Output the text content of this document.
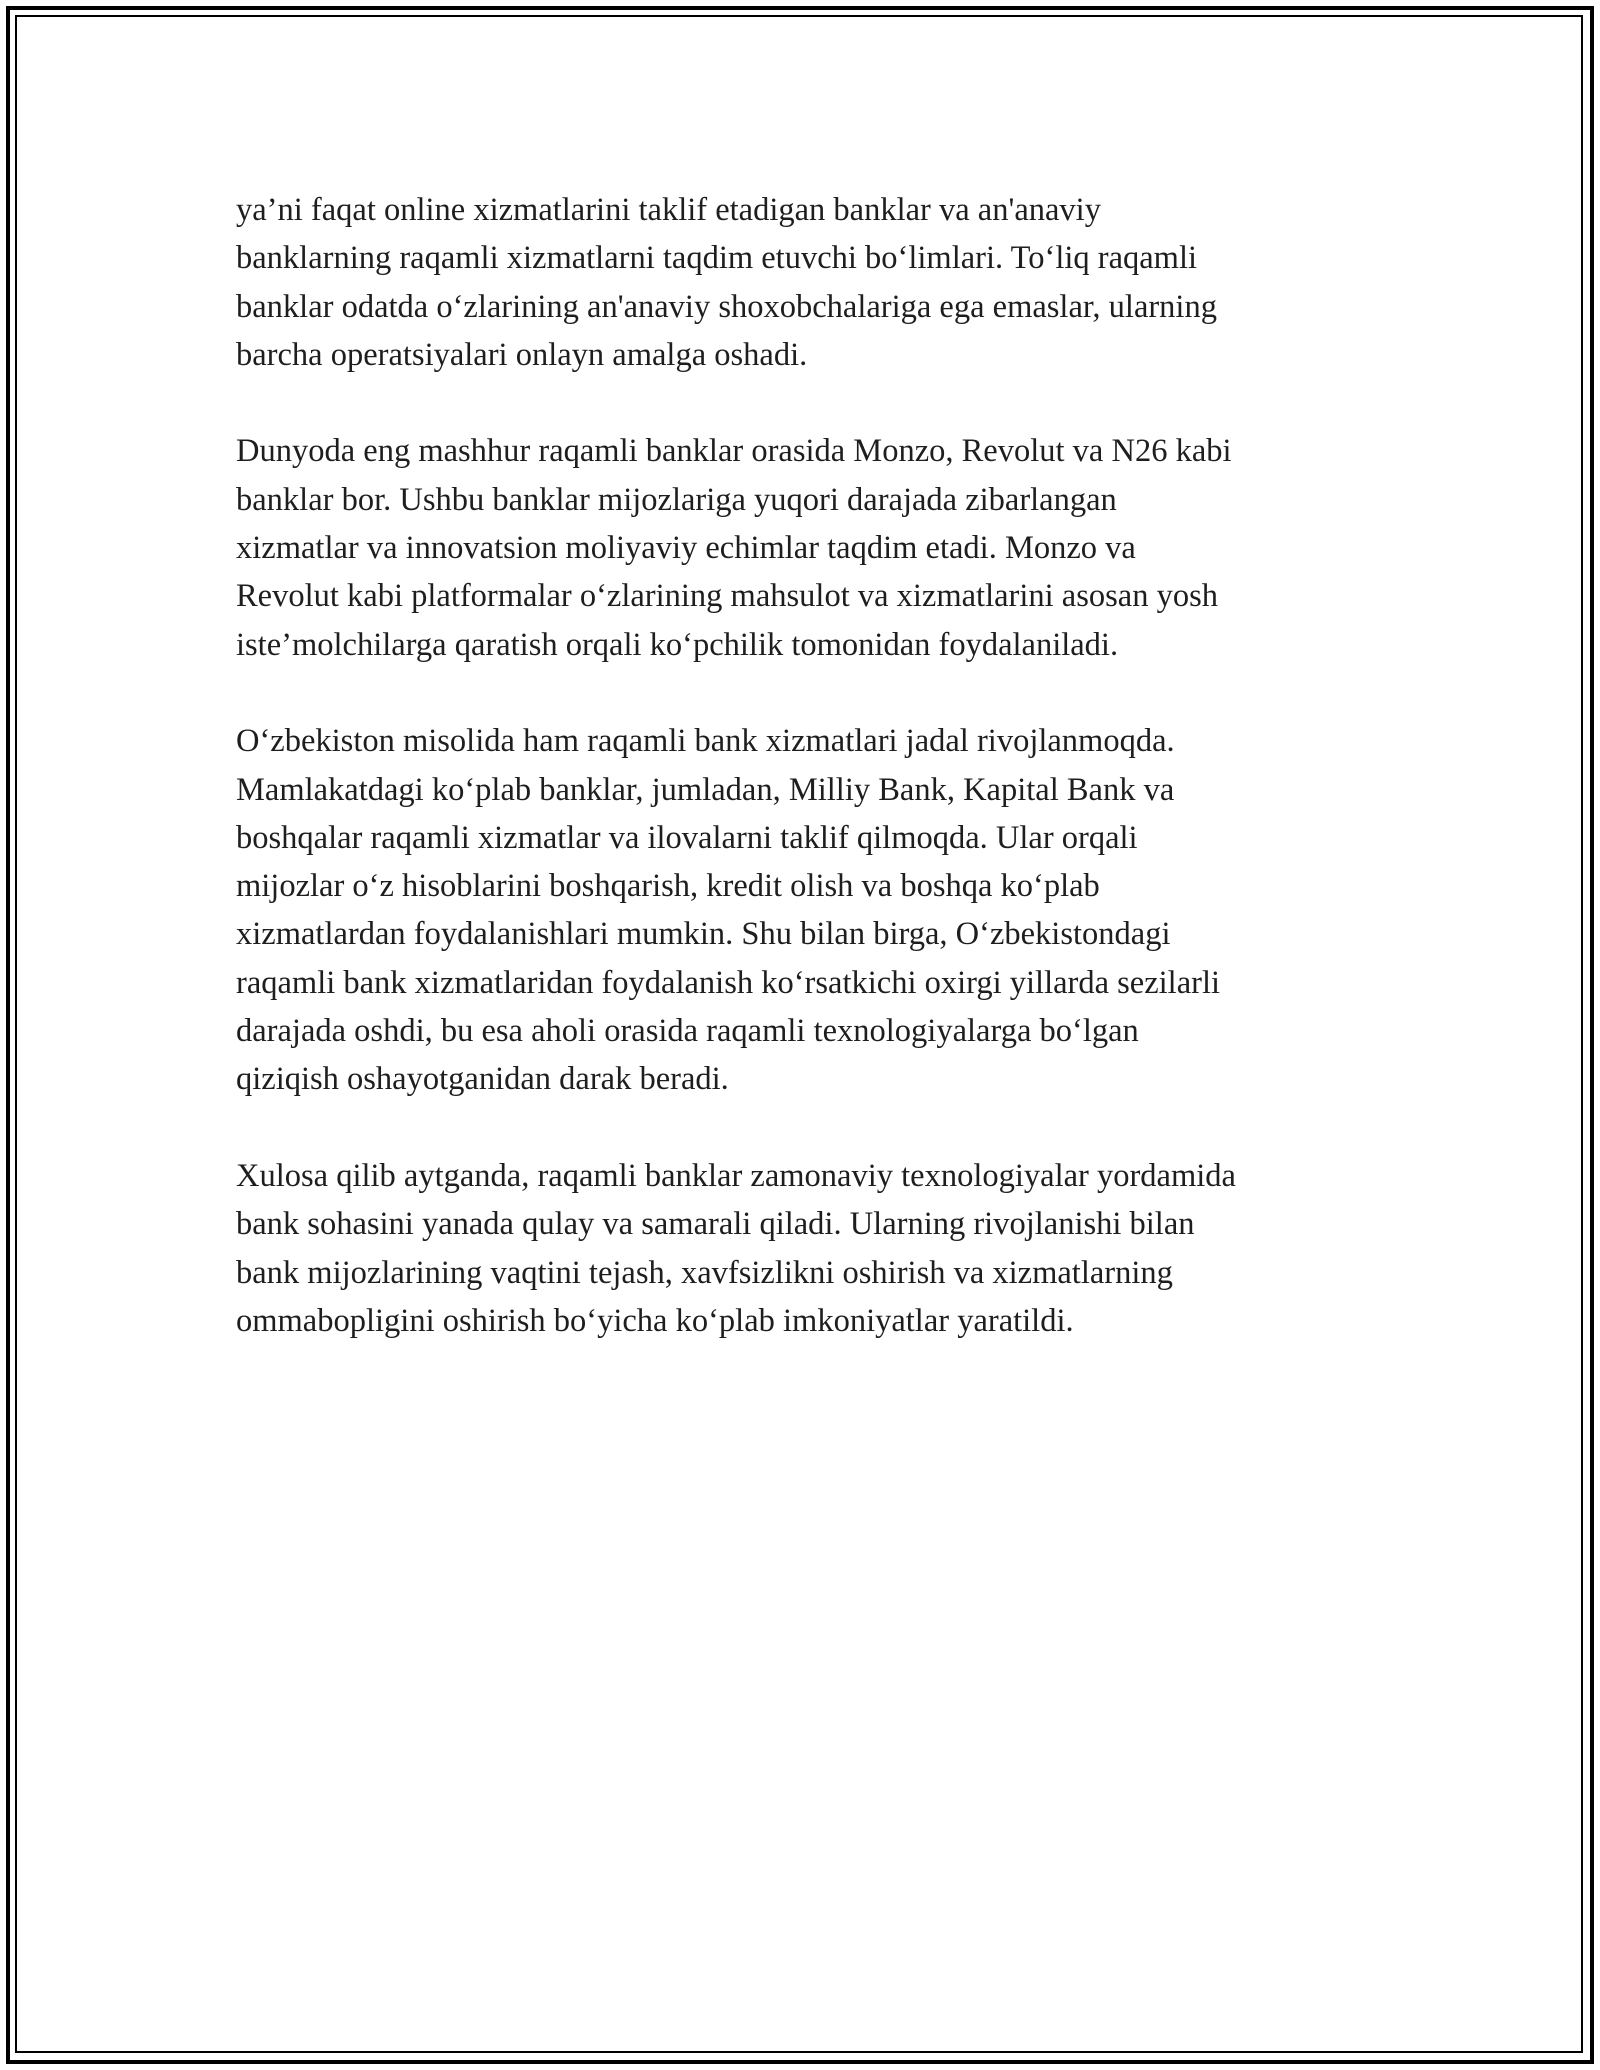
ya’ni faqat online xizmatlarini taklif etadigan banklar va an'anaviy
banklarning raqamli xizmatlarni taqdim etuvchi bo‘limlari. To‘liq raqamli
banklar odatda o‘zlarining an'anaviy shoxobchalariga ega emaslar, ularning
barcha operatsiyalari onlayn amalga oshadi.
Dunyoda eng mashhur raqamli banklar orasida Monzo, Revolut va N26 kabi
banklar bor. Ushbu banklar mijozlariga yuqori darajada zibarlangan
xizmatlar va innovatsion moliyaviy echimlar taqdim etadi. Monzo va
Revolut kabi platformalar o‘zlarining mahsulot va xizmatlarini asosan yosh
iste’molchilarga qaratish orqali ko‘pchilik tomonidan foydalaniladi.
O‘zbekiston misolida ham raqamli bank xizmatlari jadal rivojlanmoqda.
Mamlakatdagi ko‘plab banklar, jumladan, Milliy Bank, Kapital Bank va
boshqalar raqamli xizmatlar va ilovalarni taklif qilmoqda. Ular orqali
mijozlar o‘z hisoblarini boshqarish, kredit olish va boshqa ko‘plab
xizmatlardan foydalanishlari mumkin. Shu bilan birga, O‘zbekistondagi
raqamli bank xizmatlaridan foydalanish ko‘rsatkichi oxirgi yillarda sezilarli
darajada oshdi, bu esa aholi orasida raqamli texnologiyalarga bo‘lgan
qiziqish oshayotganidan darak beradi.
Xulosa qilib aytganda, raqamli banklar zamonaviy texnologiyalar yordamida
bank sohasini yanada qulay va samarali qiladi. Ularning rivojlanishi bilan
bank mijozlarining vaqtini tejash, xavfsizlikni oshirish va xizmatlarning
ommabopligini oshirish bo‘yicha ko‘plab imkoniyatlar yaratildi.
